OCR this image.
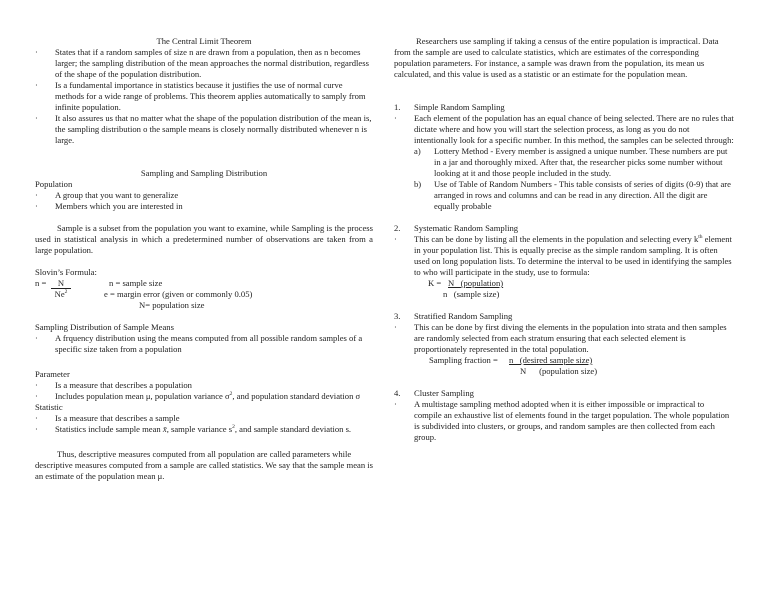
The Central Limit Theorem

· States that if a random samples of size n are drawn from a population, then as n becomes larger; the sampling distribution of the mean approaches the normal distribution, regardless of the shape of the population distribution.
· Is a fundamental importance in statistics because it justifies the use of normal curve methods for a wide range of problems. This theorem applies automatically to samply from infinite population.
· It also assures us that no matter what the shape of the population distribution of the mean is, the sampling distribution o the sample means is closely normally distributed whenever n is large.

Sampling and Sampling Distribution

Population

· A group that you want to generalize
· Members which you are interested in

Sample is a subset from the population you want to examine, while Sampling is the process used in statistical analysis in which a predetermined number of observations are taken from a large population.

Slovin’s Formula:

n =	N
Ne$^2$
n = sample size
e = margin error (given or commonly 0.05)
N= population size

Sampling Distribution of Sample Means

· A frquency distribution using the means computed from all possible random samples of a specific size taken from a population

Parameter

· Is a measure that describes a population
· Includes population mean μ, population variance $\sigma^2$, and population standard deviation σ

Statistic

· Is a measure that describes a sample
· Statistics include sample mean x̄, sample variance $s^2$, and sample standard deviation s.

Thus, descriptive measures computed from all population are called parameters while descriptive measures computed from a sample are called statistics. We say that the sample mean is an estimate of the population mean μ.

Researchers use sampling if taking a census of the entire population is impractical. Data from the sample are used to calculate statistics, which are estimates of the corresponding population parameters. For instance, a sample was drawn from the population, its mean us calculated, and this value is used as a statistic or an estimate for the population mean.

1. Simple Random Sampling
· Each element of the population has an equal chance of being selected. There are no rules that dictate where and how you will start the selection process, as long as you do not intentionally look for a specific number. In this method, the samples can be selected through:
a) Lottery Method - Every member is assigned a unique number. These numbers are put in a jar and thoroughly mixed. After that, the researcher picks some number without looking at it and those people included in the study.
b) Use of Table of Random Numbers - This table consists of series of digits (0-9) that are arranged in rows and columns and can be read in any direction. All the digit are equally probable
2. Systematic Random Sampling
· This can be done by listing all the elements in the population and selecting every $k^{th}$ element in your population list. This is equally precise as the simple random sampling. It is often used on long population lists. To determine the interval to be used in identifying the samples to who will participate in the study, use to formula:
K = N   (population)
n   (sample size)
3. Stratified Random Sampling
· This can be done by first diving the elements in the population into strata and then samples are randomly selected from each stratum ensuring that each selected element is proportionately represented in the total population.
Sampling fraction = n   (desired sample size)
N      (population size)
4. Cluster Sampling
· A multistage sampling method adopted when it is either impossible or impractical to compile an exhaustive list of elements found in the target population. The whole population is subdivided into clusters, or groups, and random samples are then collected from each group.
